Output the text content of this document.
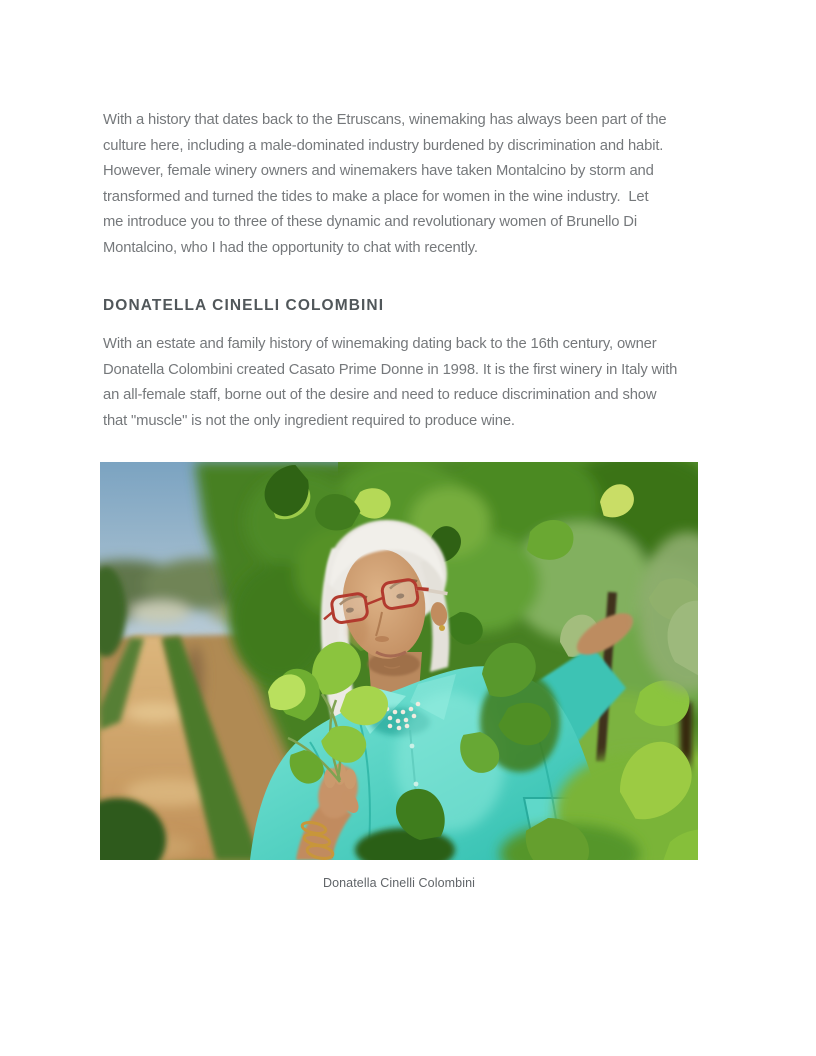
With a history that dates back to the Etruscans, winemaking has always been part of the
culture here, including a male-dominated industry burdened by discrimination and habit.
However, female winery owners and winemakers have taken Montalcino by storm and
transformed and turned the tides to make a place for women in the wine industry.  Let
me introduce you to three of these dynamic and revolutionary women of Brunello Di
Montalcino, who I had the opportunity to chat with recently.
DONATELLA CINELLI COLOMBINI
With an estate and family history of winemaking dating back to the 16th century, owner
Donatella Colombini created Casato Prime Donne in 1998. It is the first winery in Italy with
an all-female staff, borne out of the desire and need to reduce discrimination and show
that "muscle" is not the only ingredient required to produce wine.
Donatella Cinelli Colombini
